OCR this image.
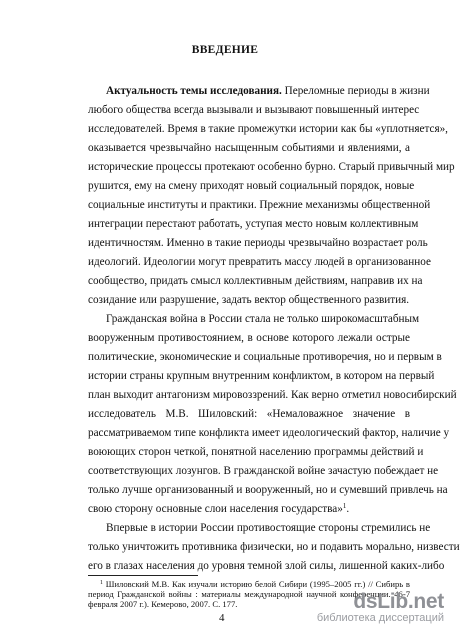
ВВЕДЕНИЕ
Актуальность темы исследования. Переломные периоды в жизни
любого общества всегда вызывали и вызывают повышенный интерес
исследователей. Время в такие промежутки истории как бы «уплотняется»,
оказывается чрезвычайно насыщенным событиями и явлениями, а
исторические процессы протекают особенно бурно. Старый привычный мир
рушится, ему на смену приходят новый социальный порядок, новые
социальные институты и практики. Прежние механизмы общественной
интеграции перестают работать, уступая место новым коллективным
идентичностям. Именно в такие периоды чрезвычайно возрастает роль
идеологий. Идеологии могут превратить массу людей в организованное
сообщество, придать смысл коллективным действиям, направив их на
созидание или разрушение, задать вектор общественного развития.
Гражданская война в России стала не только широкомасштабным
вооруженным противостоянием, в основе которого лежали острые
политические, экономические и социальные противоречия, но и первым в
истории страны крупным внутренним конфликтом, в котором на первый
план выходит антагонизм мировоззрений. Как верно отметил новосибирский
исследователь М.В. Шиловский: «Немаловажное значение в
рассматриваемом типе конфликта имеет идеологический фактор, наличие у
воюющих сторон четкой, понятной населению программы действий и
соответствующих лозунгов. В гражданской войне зачастую побеждает не
только лучше организованный и вооруженный, но и сумевший привлечь на
свою сторону основные слои населения государства»$^1$.
Впервые в истории России противостоящие стороны стремились не
только уничтожить противника физически, но и подавить морально, низвести
его в глазах населения до уровня темной злой силы, лишенной каких-либо
$^1$ Шиловский М.В. Как изучали историю белой Сибири (1995–2005 гг.) // Сибирь в
период Гражданской войны : материалы международной научной конференции. 46-7
февраля 2007 г.). Кемерово, 2007. С. 177.
4
dsLib.net
библиотека диссертаций
